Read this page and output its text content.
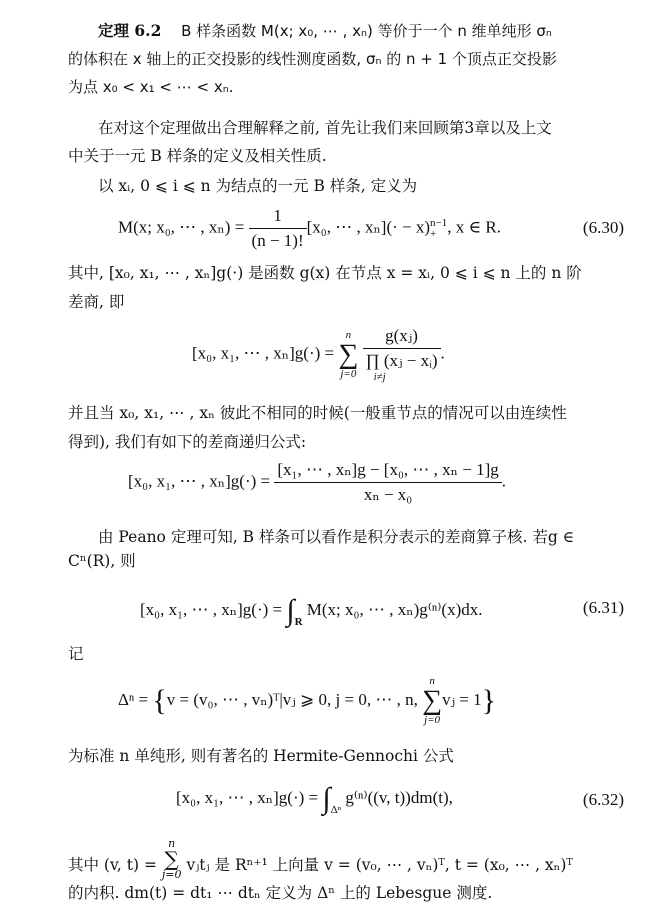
定理 6.2 B 样条函数 M(x; x₀, ⋯ , xₙ) 等价于一个 n 维单纯形 σₙ
的体积在 x 轴上的正交投影的线性测度函数, σₙ 的 n + 1 个顶点正交投影
为点 x₀ < x₁ < ⋯ < xₙ.
在对这个定理做出合理解释之前, 首先让我们来回顾第3章以及上文
中关于一元 B 样条的定义及相关性质.
以 xᵢ, 0 ⩽ i ⩽ n 为结点的一元 B 样条, 定义为
M(x; x₀, ⋯ , $x_n) = \frac{1}{(n - 1)!} [x_0$, ⋯ , xₙ](· − x) n−1
+ , x ∈ R.	(6.30)
其中, [x₀, x₁, ⋯ , xₙ]g(·) 是函数 g(x) 在节点 x = xᵢ, 0 ⩽ i ⩽ n 上的 n 阶
差商, 即
[x₀, x₁, ⋯ , xₙ]g(·) =
n
∑
j=0
g(xⱼ)
∏ (xⱼ − xᵢ)
i≠j .
并且当 x₀, x₁, ⋯ , xₙ 彼此不相同的时候(一般重节点的情况可以由连续性
得到), 我们有如下的差商递归公式:
[x₀, x₁, ⋯ , $x_n]g(\cdot) = \frac{\text{[x₁, ⋯ , xₙ]g − [x₀, ⋯ , xₙ − 1]g}}{\text{xₙ − x₀}}$ .
由 Peano 定理可知, B 样条可以看作是积分表示的差商算子核. 若g ∈
Cⁿ(R), 则
[x₀, x₁, ⋯ , $x_n]g(\cdot) = \int_R$ M(x; x₀, ⋯ , xₙ)g⁽ⁿ⁾(x)dx.	(6.31)
记
Δⁿ = {v = (v₀, ⋯ , vₙ)ᵀ|vⱼ ⩾ 0, j = 0, ⋯ , n,
n
∑
j=0
vⱼ = 1}
为标准 n 单纯形, 则有著名的 Hermite-Gennochi 公式
[x₀, x₁, ⋯ , $x_n]g(\cdot) = \int_{\Delta^n}$ g⁽ⁿ⁾((v, t))dm(t),	(6.32)
其中 (v, t) =
n
∑
j=0
vⱼtⱼ 是 Rⁿ⁺¹ 上向量 v = (v₀, ⋯ , vₙ)ᵀ, t = (x₀, ⋯ , xₙ)ᵀ
的内积. dm(t) = dt₁ ⋯ dtₙ 定义为 Δⁿ 上的 Lebesgue 测度.
